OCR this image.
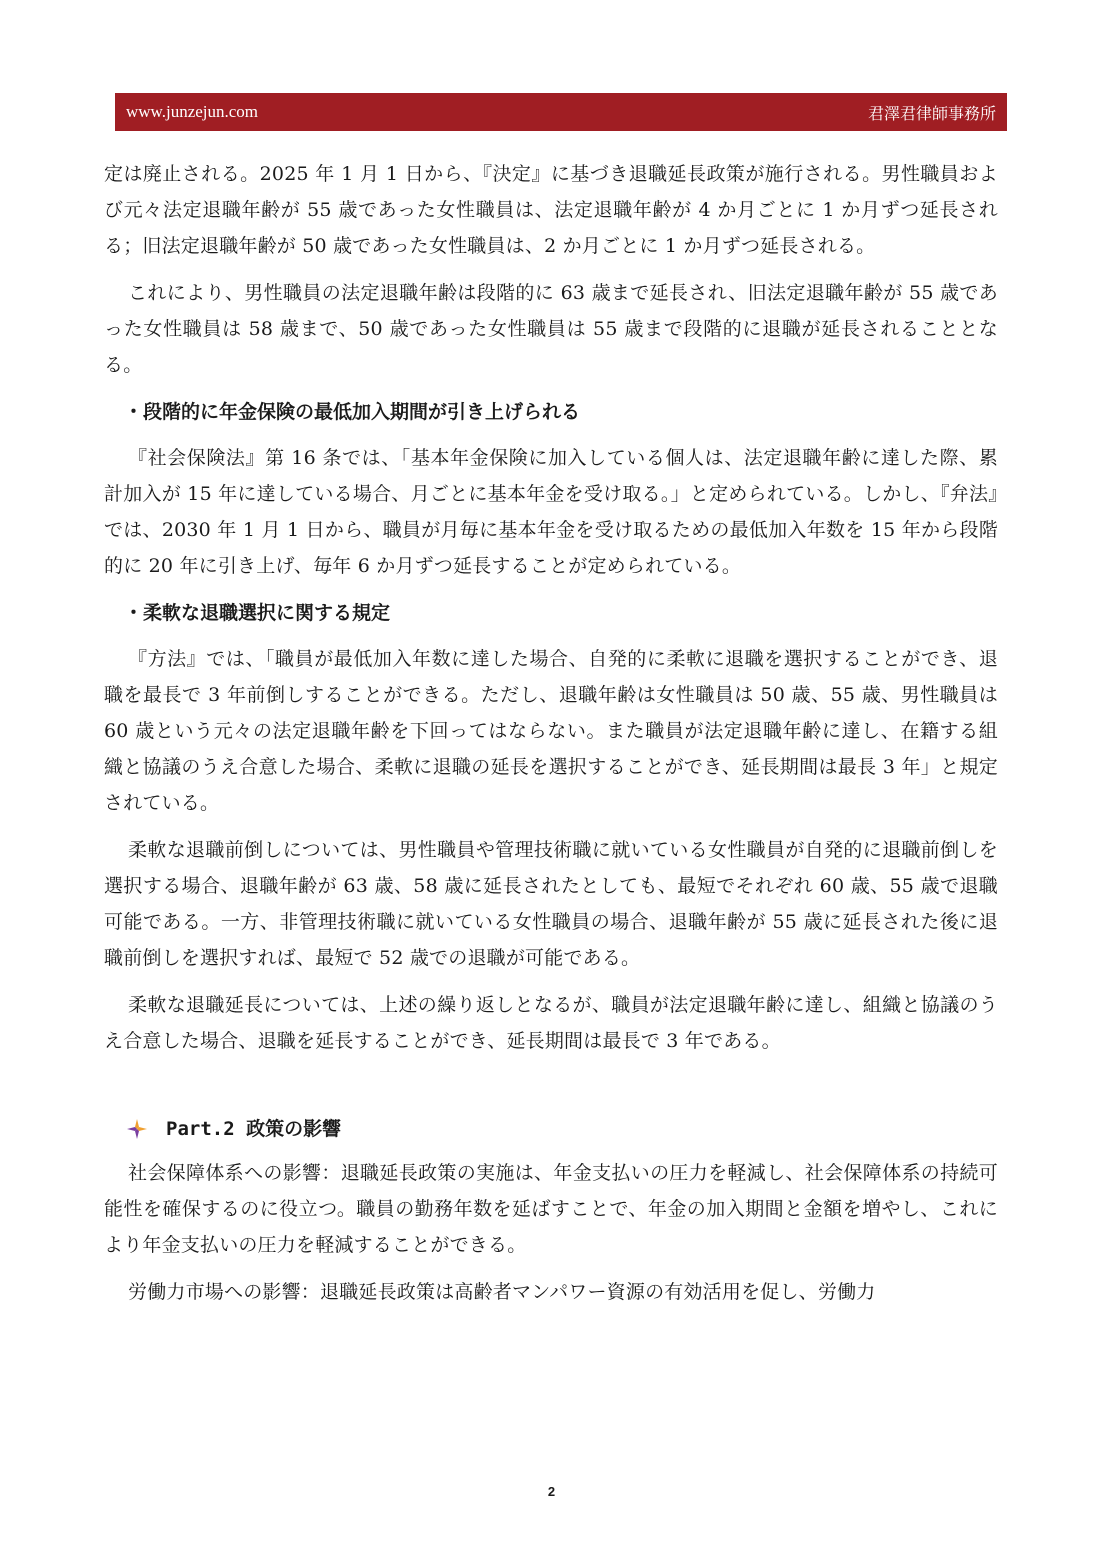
www.junzejun.com	君澤君律師事務所

定は廃止される。2025 年 1 月 1 日から、『決定』に基づき退職延長政策が施行される。男性職員および元々法定退職年齢が 55 歳であった女性職員は、法定退職年齢が 4 か月ごとに 1 か月ずつ延長される；旧法定退職年齢が 50 歳であった女性職員は、2 か月ごとに 1 か月ずつ延長される。

これにより、男性職員の法定退職年齢は段階的に 63 歳まで延長され、旧法定退職年齢が 55 歳であった女性職員は 58 歳まで、50 歳であった女性職員は 55 歳まで段階的に退職が延長されることとなる。

・段階的に年金保険の最低加入期間が引き上げられる

『社会保険法』第 16 条では、「基本年金保険に加入している個人は、法定退職年齢に達した際、累計加入が 15 年に達している場合、月ごとに基本年金を受け取る。」と定められている。しかし、『弁法』では、2030 年 1 月 1 日から、職員が月毎に基本年金を受け取るための最低加入年数を 15 年から段階的に 20 年に引き上げ、毎年 6 か月ずつ延長することが定められている。

・柔軟な退職選択に関する規定

『方法』では、「職員が最低加入年数に達した場合、自発的に柔軟に退職を選択することができ、退職を最長で 3 年前倒しすることができる。ただし、退職年齢は女性職員は 50 歳、55 歳、男性職員は 60 歳という元々の法定退職年齢を下回ってはならない。また職員が法定退職年齢に達し、在籍する組織と協議のうえ合意した場合、柔軟に退職の延長を選択することができ、延長期間は最長 3 年」と規定されている。

柔軟な退職前倒しについては、男性職員や管理技術職に就いている女性職員が自発的に退職前倒しを選択する場合、退職年齢が 63 歳、58 歳に延長されたとしても、最短でそれぞれ 60 歳、55 歳で退職可能である。一方、非管理技術職に就いている女性職員の場合、退職年齢が 55 歳に延長された後に退職前倒しを選択すれば、最短で 52 歳での退職が可能である。

柔軟な退職延長については、上述の繰り返しとなるが、職員が法定退職年齢に達し、組織と協議のうえ合意した場合、退職を延長することができ、延長期間は最長で 3 年である。

Part.2 政策の影響

社会保障体系への影響：退職延長政策の実施は、年金支払いの圧力を軽減し、社会保障体系の持続可能性を確保するのに役立つ。職員の勤務年数を延ばすことで、年金の加入期間と金額を増やし、これにより年金支払いの圧力を軽減することができる。

労働力市場への影響：退職延長政策は高齢者マンパワー資源の有効活用を促し、労働力

2
